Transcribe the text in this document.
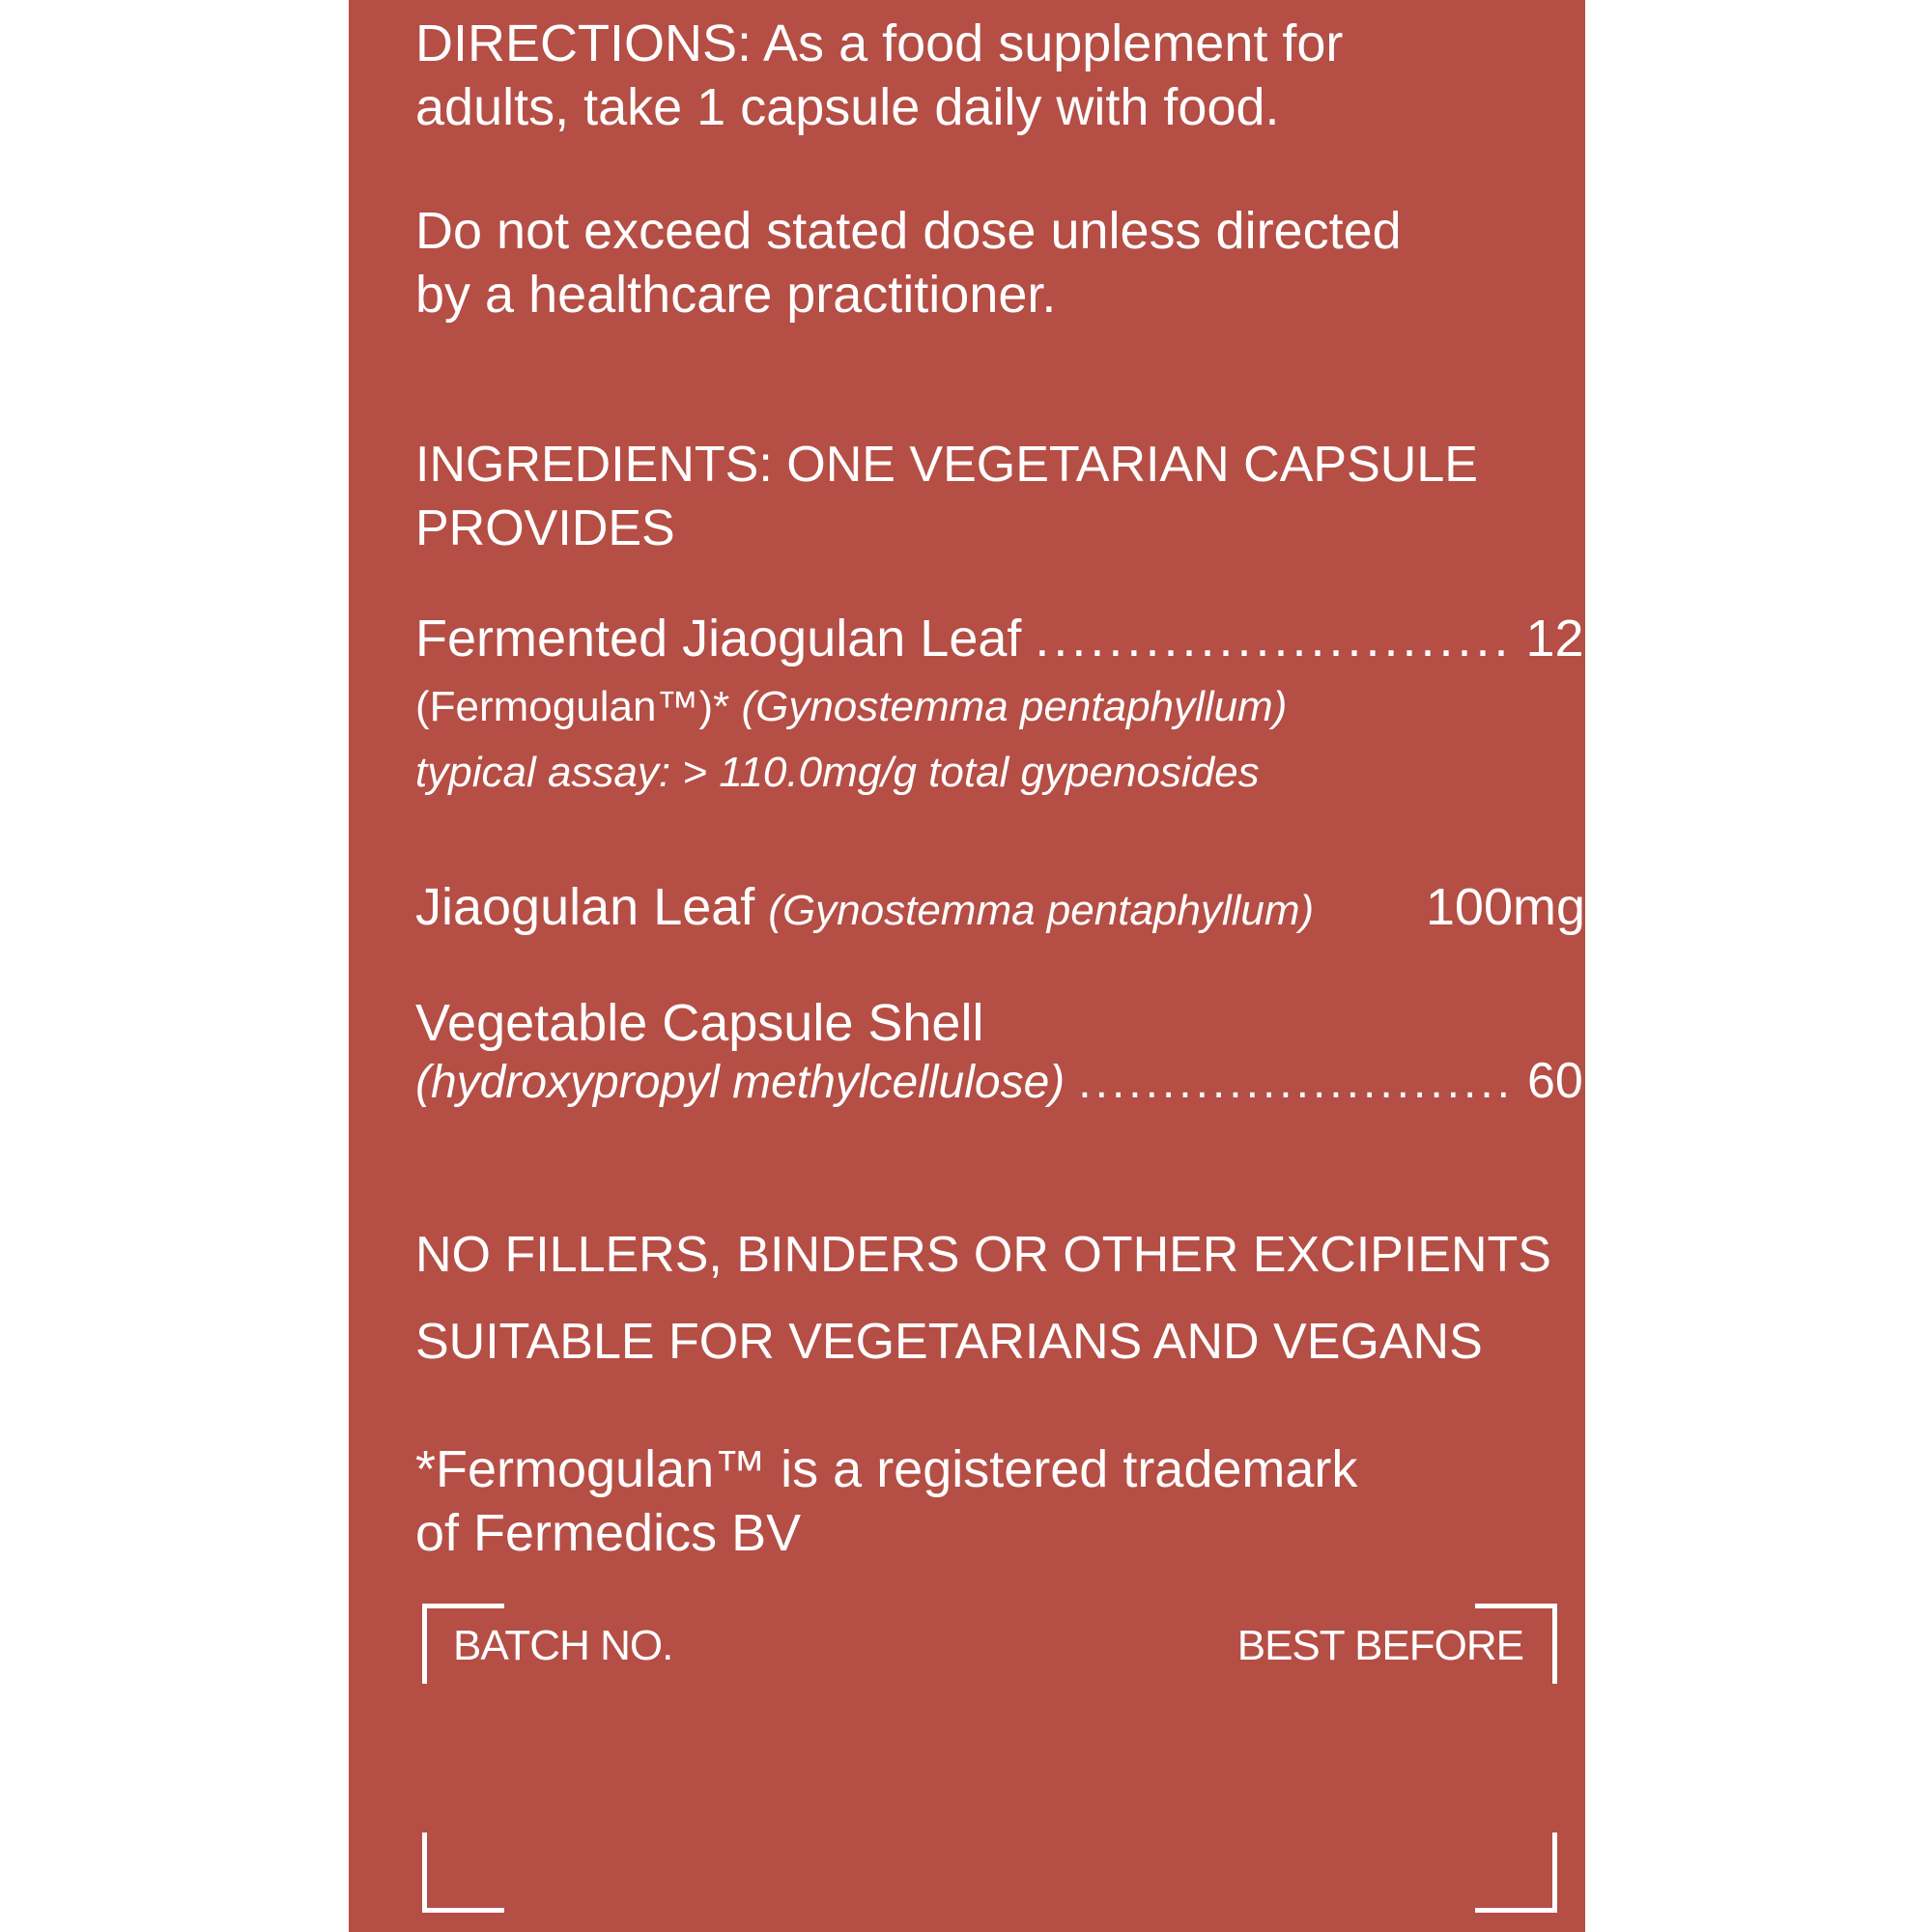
DIRECTIONS: As a food supplement for

adults, take 1 capsule daily with food.

Do not exceed stated dose unless directed

by a healthcare practitioner.

INGREDIENTS: ONE VEGETARIAN CAPSULE

PROVIDES

Fermented Jiaogulan Leaf .......................... 125mg

(Fermogulan™)* (Gynostemma pentaphyllum)

typical assay: > 110.0mg/g total gypenosides

Jiaogulan Leaf (Gynostemma pentaphyllum) 100mg

Vegetable Capsule Shell

(hydroxypropyl methylcellulose) .......................... 60mg

NO FILLERS, BINDERS OR OTHER EXCIPIENTS

SUITABLE FOR VEGETARIANS AND VEGANS

*Fermogulan™ is a registered trademark

of Fermedics BV

BATCH NO.	BEST BEFORE
